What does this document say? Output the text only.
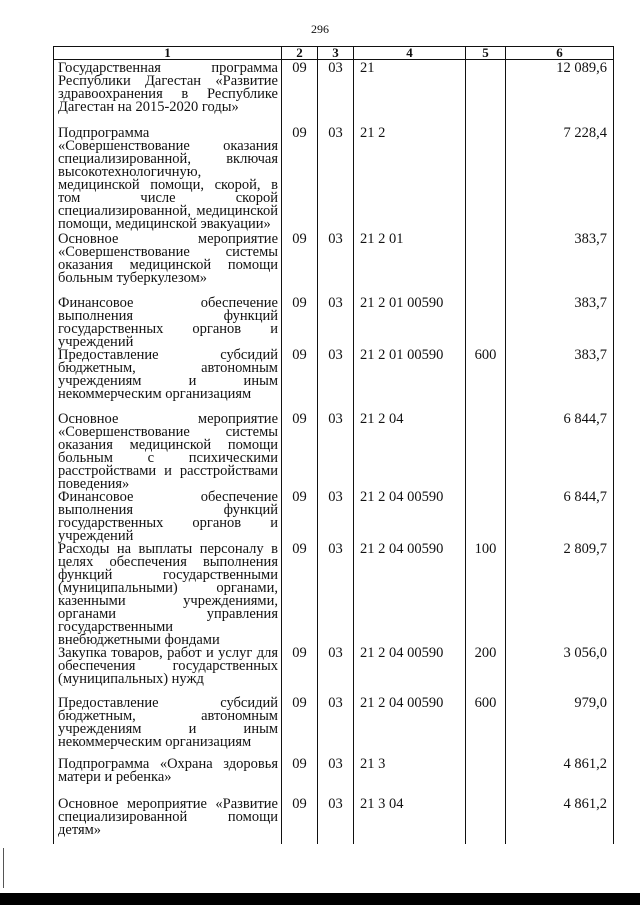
296
1	2	3	4	5	6
Государственная программа Республики Дагестан «Развитие здравоохранения в Республике Дагестан на 2015-2020 годы»	09	03	21		12 089,6
Подпрограмма «Совершенствование оказания специализированной, включая высокотехнологичную, медицинской помощи, скорой, в том числе скорой специализированной, медицинской помощи, медицинской эвакуации»	09	03	21 2		7 228,4
Основное мероприятие «Совершенствование системы оказания медицинской помощи больным туберкулезом»	09	03	21 2 01		383,7
Финансовое обеспечение выполнения функций государственных органов и учреждений	09	03	21 2 01 00590		383,7
Предоставление субсидий бюджетным, автономным учреждениям и иным некоммерческим организациям	09	03	21 2 01 00590	600	383,7
Основное мероприятие «Совершенствование системы оказания медицинской помощи больным с психическими расстройствами и расстройствами поведения»	09	03	21 2 04		6 844,7
Финансовое обеспечение выполнения функций государственных органов и учреждений	09	03	21 2 04 00590		6 844,7
Расходы на выплаты персоналу в целях обеспечения выполнения функций государственными (муниципальными) органами, казенными учреждениями, органами управления государственными внебюджетными фондами	09	03	21 2 04 00590	100	2 809,7
Закупка товаров, работ и услуг для обеспечения государственных (муниципальных) нужд	09	03	21 2 04 00590	200	3 056,0
Предоставление субсидий бюджетным, автономным учреждениям и иным некоммерческим организациям	09	03	21 2 04 00590	600	979,0
Подпрограмма «Охрана здоровья матери и ребенка»	09	03	21 3		4 861,2
Основное мероприятие «Развитие специализированной помощи детям»	09	03	21 3 04		4 861,2
